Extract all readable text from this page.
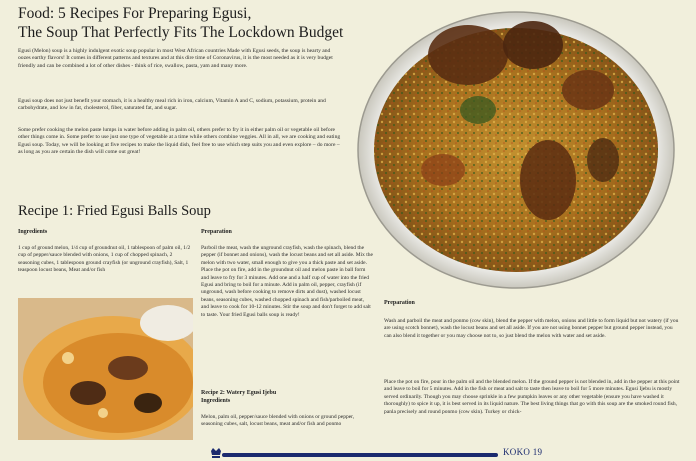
Food: 5 Recipes For Preparing Egusi,
The Soup That Perfectly Fits The Lockdown Budget

Egusi (Melon) soup is a highly indulgent exotic soup popular in most West African countries Made with Egusi seeds, the soup is hearty and oozes earthy flavors! It comes in different patterns and textures and at this dire time of Coronavirus, it is the most needed as it is very budget friendly and can be combined a lot of other dishes - think of rice, swallow, pasta, yam and many more.

Egusi soup does not just benefit your stomach, it is a healthy meal rich in iron, calcium, Vitamin A and C, sodium, potassium, protein and carbohydrate, and low in fat, cholesterol, fiber, saturated fat, and sugar.

Some prefer cooking the melon paste lumps in water before adding in palm oil, others prefer to fry it in either palm oil or vegetable oil before other things come in. Some prefer to use just one type of vegetable at a time while others combine veggies. All in all, we are cooking and eating Egusi soup. Today, we will be looking at five recipes to make the liquid dish, feel free to use which step suits you and even explore – do more – as long as you are certain the dish will come out great!

Recipe 1: Fried Egusi Balls Soup

Ingredients

1 cup of ground melon, 1/4 cup of groundnut oil, 1 tablespoon of palm oil, 1/2 cup of pepper/sauce blended with onions, 1 cup of chopped spinach, 2 seasoning cubes, 1 tablespoon ground crayfish (or unground crayfish), Salt, 1 teaspoon locust beans, Meat and/or fish

Preparation

Parboil the meat, wash the unground crayfish, wash the spinach, blend the pepper (if bonnet and onions), wash the locust beans and set all aside. Mix the melon with two water, small enough to give you a thick paste and set aside. Place the pot on fire, add in the groundnut oil and melon paste in ball form and leave to fry for 3 minutes. Add one and a half cup of water into the fried Egusi and bring to boil for a minute. Add in palm oil, pepper, crayfish (if unground, wash before cooking to remove dirts and dust), washed locust beans, seasoning cubes, washed chopped spinach and fish/parboiled meat, and leave to cook for 10-12 minutes. Stir the soup and don't forget to add salt to taste. Your fried Egusi balls soup is ready!

Recipe 2: Watery Egusi Ijebu

Ingredients

Melon, palm oil, pepper/sauce blended with onions or ground pepper, seasoning cubes, salt, locust beans, meat and/or fish and ponmo

Preparation

Wash and parboil the meat and ponmo (cow skin), blend the pepper with melon, onions and little to form liquid but not watery (if you are using scotch bonnet), wash the locust beans and set all aside. If you are not using bonnet pepper but ground pepper instead, you can also blend it together or you may choose not to, so just blend the melon with water and set aside.

Place the pot on fire, pour in the palm oil and the blended melon. If the ground pepper is not blended in, add in the pepper at this point and leave to boil for 5 minutes. Add in the fish or meat and salt to taste then leave to boil for 5 more minutes. Egusi Ijebu is mostly served ordinarily. Though you may choose sprinkle in a few pumpkin leaves or any other vegetable (ensure you have washed it thoroughly) to spice it up, it is best served in its liquid nature. The best living things that go with this soup are the smoked round fish, panla precisely and round ponmo (cow skin). Turkey or chick-

KOKO 19
